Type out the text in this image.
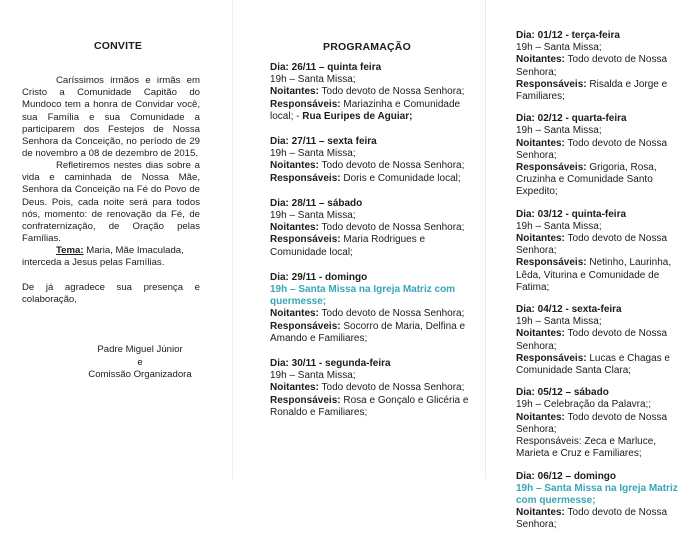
CONVITE

Caríssimos irmãos e irmãs em Cristo a Comunidade Capitão do Mundoco tem a honra de Convidar você, sua Família e sua Comunidade a participarem dos Festejos de Nossa Senhora da Conceição, no período de 29 de novembro a 08 de dezembro de 2015.

Refletiremos nestes dias sobre a vida e caminhada de Nossa Mãe, Senhora da Conceição na Fé do Povo de Deus. Pois, cada noite será para todos nós, momento: de renovação da Fé, de confraternização, de Oração pelas Famílias.

Tema: Maria, Mãe Imaculada, interceda a Jesus pelas Famílias.

De já agradece sua presença e colaboração,

Padre Miguel Júnior
e
Comissão Organizadora
PROGRAMAÇÃO
Dia: 26/11 – quinta feira
19h – Santa Missa;
Noitantes: Todo devoto de Nossa Senhora;
Responsáveis: Mariazinha e Comunidade local; - Rua Euripes de Aguiar;
Dia: 27/11 – sexta feira
19h – Santa Missa;
Noitantes: Todo devoto de Nossa Senhora;
Responsáveis: Doris e Comunidade local;
Dia: 28/11 – sábado
19h – Santa Missa;
Noitantes: Todo devoto de Nossa Senhora;
Responsáveis: Maria Rodrigues e Comunidade local;
Dia: 29/11 - domingo
19h – Santa Missa na Igreja Matriz com quermesse;
Noitantes: Todo devoto de Nossa Senhora;
Responsáveis: Socorro de Maria, Delfina e Amando e Familiares;
Dia: 30/11 - segunda-feira
19h – Santa Missa;
Noitantes: Todo devoto de Nossa Senhora;
Responsáveis: Rosa e Gonçalo e Glicéria e Ronaldo e Familiares;
Dia: 01/12 - terça-feira
19h – Santa Missa;
Noitantes: Todo devoto de Nossa Senhora;
Responsáveis: Risalda e Jorge e Familiares;
Dia: 02/12 - quarta-feira
19h – Santa Missa;
Noitantes: Todo devoto de Nossa Senhora;
Responsáveis: Grigoria, Rosa, Cruzinha e Comunidade Santo Expedito;
Dia: 03/12 - quinta-feira
19h – Santa Missa;
Noitantes: Todo devoto de Nossa Senhora;
Responsáveis: Netinho, Laurinha, Lêda, Viturina e Comunidade de Fatima;
Dia: 04/12 - sexta-feira
19h – Santa Missa;
Noitantes: Todo devoto de Nossa Senhora;
Responsáveis: Lucas e Chagas e Comunidade Santa Clara;
Dia: 05/12 – sábado
19h – Celebração da Palavra;;
Noitantes: Todo devoto de Nossa Senhora;
Responsáveis: Zeca e Marluce, Marieta e Cruz e Familiares;
Dia: 06/12 – domingo
19h – Santa Missa na Igreja Matriz com quermesse;
Noitantes: Todo devoto de Nossa Senhora;
